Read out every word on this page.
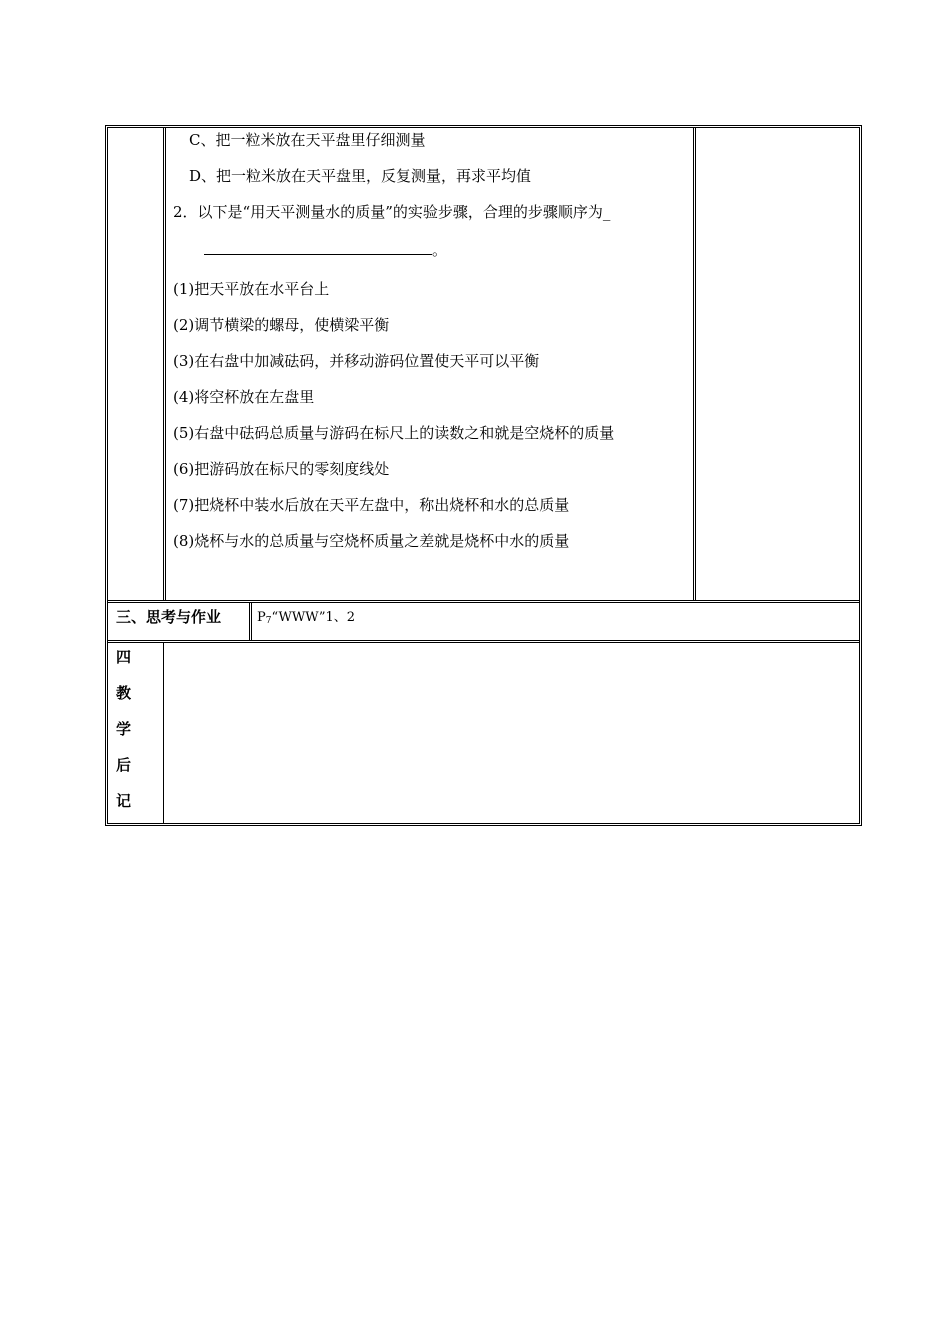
C、把一粒米放在天平盘里仔细测量
D、把一粒米放在天平盘里，反复测量，再求平均值
2．以下是“用天平测量水的质量”的实验步骤，合理的步骤顺序为_
。
(1)把天平放在水平台上
(2)调节横梁的螺母，使横梁平衡
(3)在右盘中加减砝码，并移动游码位置使天平可以平衡
(4)将空杯放在左盘里
(5)右盘中砝码总质量与游码在标尺上的读数之和就是空烧杯的质量
(6)把游码放在标尺的零刻度线处
(7)把烧杯中装水后放在天平左盘中，称出烧杯和水的总质量
(8)烧杯与水的总质量与空烧杯质量之差就是烧杯中水的质量
三、思考与作业	$P_7“WWW”1$、2
四
教
学
后
记
